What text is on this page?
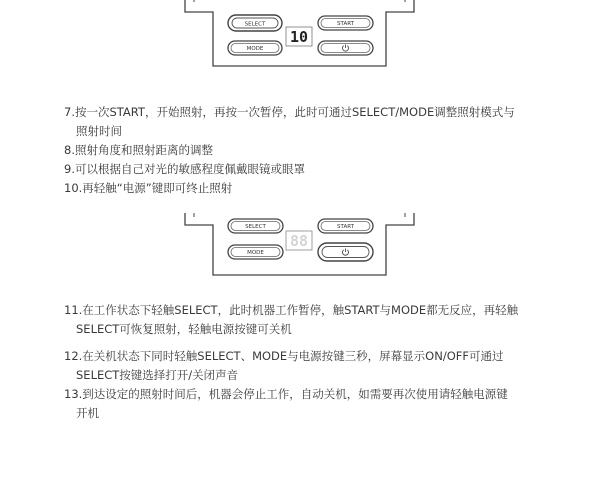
SELECT	START
MODE
10

7.按一次START，开始照射，再按一次暂停，此时可通过SELECT/MODE调整照射模式与
照射时间

8.照射角度和照射距离的调整

9.可以根据自己对光的敏感程度佩戴眼镜或眼罩

10.再轻触“电源”键即可终止照射

SELECT	START
MODE
88

11.在工作状态下轻触SELECT，此时机器工作暂停，触START与MODE都无反应，再轻触
SELECT可恢复照射，轻触电源按键可关机

12.在关机状态下同时轻触SELECT、MODE与电源按键三秒，屏幕显示ON/OFF可通过
SELECT按键选择打开/关闭声音

13.到达设定的照射时间后，机器会停止工作，自动关机，如需要再次使用请轻触电源键
开机
